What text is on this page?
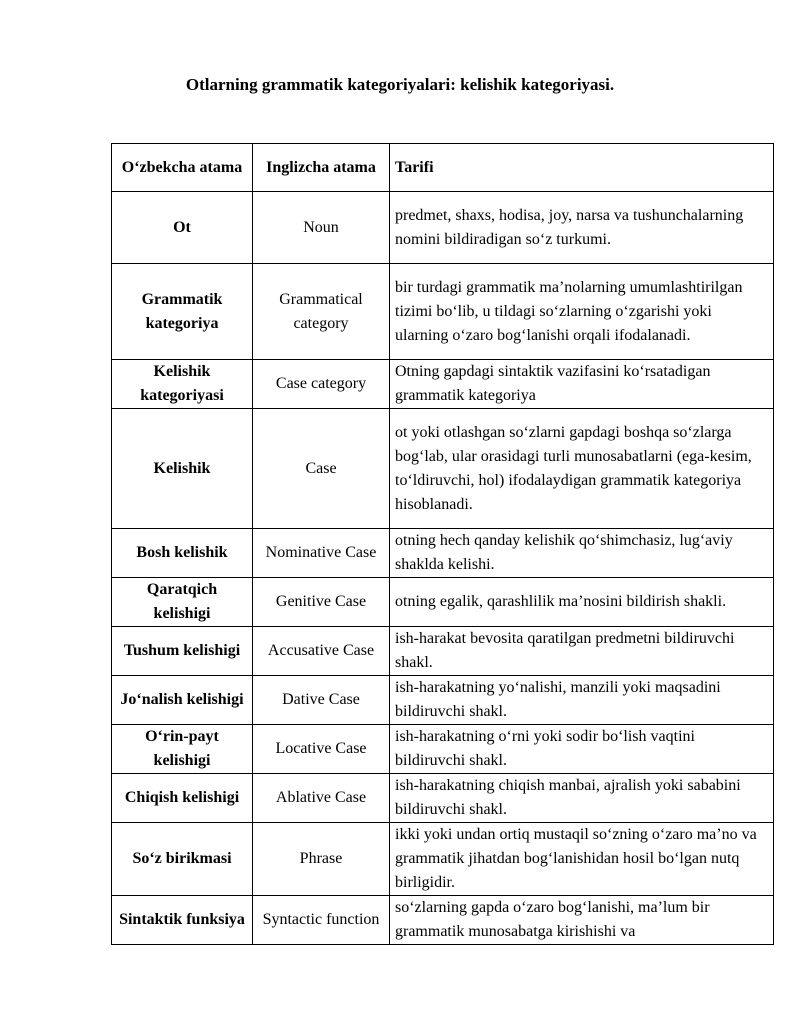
Otlarning grammatik kategoriyalari: kelishik kategoriyasi.
O‘zbekcha atama	Inglizcha atama	Tarifi
Ot	Noun	predmet, shaxs, hodisa, joy, narsa va tushunchalarning nomini bildiradigan so‘z turkumi.
Grammatik kategoriya	Grammatical category	bir turdagi grammatik ma’nolarning umumlashtirilgan tizimi bo‘lib, u tildagi so‘zlarning o‘zgarishi yoki ularning o‘zaro bog‘lanishi orqali ifodalanadi.
Kelishik kategoriyasi	Case category	Otning gapdagi sintaktik vazifasini ko‘rsatadigan grammatik kategoriya
Kelishik	Case	ot yoki otlashgan so‘zlarni gapdagi boshqa so‘zlarga bog‘lab, ular orasidagi turli munosabatlarni (ega-kesim, to‘ldiruvchi, hol) ifodalaydigan grammatik kategoriya hisoblanadi.
Bosh kelishik	Nominative Case	otning hech qanday kelishik qo‘shimchasiz, lug‘aviy shaklda kelishi.
Qaratqich kelishigi	Genitive Case	otning egalik, qarashlilik ma’nosini bildirish shakli.
Tushum kelishigi	Accusative Case	ish-harakat bevosita qaratilgan predmetni bildiruvchi shakl.
Jo‘nalish kelishigi	Dative Case	ish-harakatning yo‘nalishi, manzili yoki maqsadini bildiruvchi shakl.
O‘rin-payt kelishigi	Locative Case	ish-harakatning o‘rni yoki sodir bo‘lish vaqtini bildiruvchi shakl.
Chiqish kelishigi	Ablative Case	ish-harakatning chiqish manbai, ajralish yoki sababini bildiruvchi shakl.
So‘z birikmasi	Phrase	ikki yoki undan ortiq mustaqil so‘zning o‘zaro ma’no va grammatik jihatdan bog‘lanishidan hosil bo‘lgan nutq birligidir.
Sintaktik funksiya	Syntactic function	so‘zlarning gapda o‘zaro bog‘lanishi, ma’lum bir grammatik munosabatga kirishishi va
